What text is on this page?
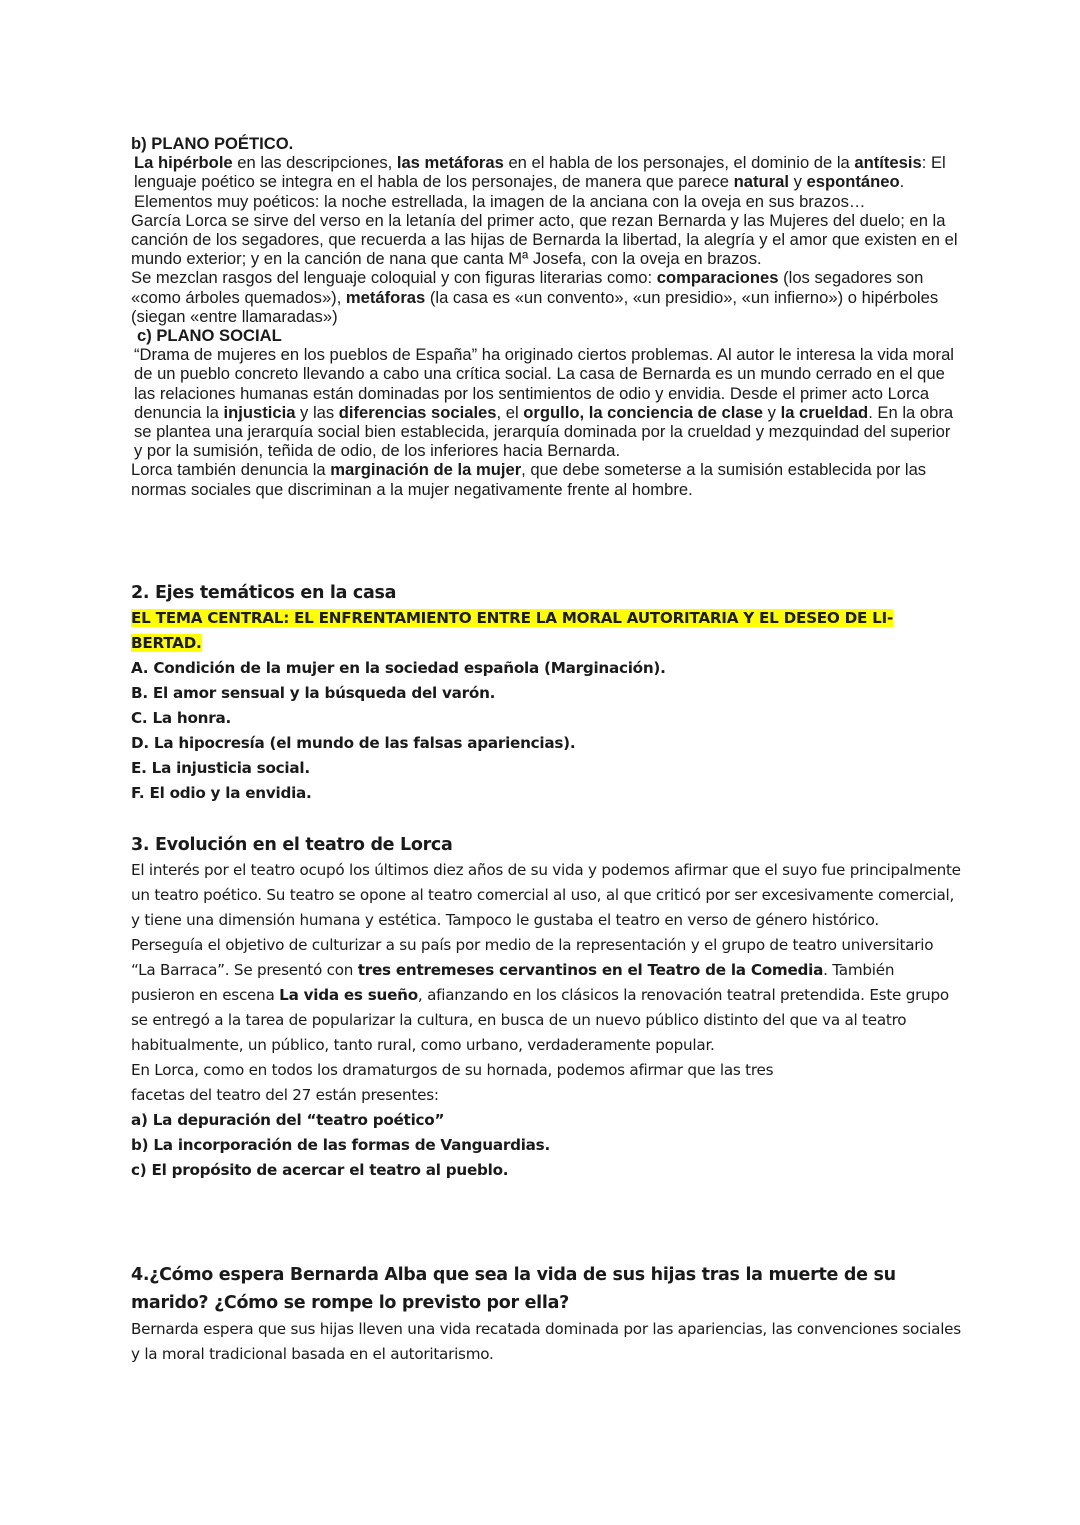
b) PLANO POÉTICO.

La hipérbole en las descripciones, las metáforas en el habla de los personajes, el dominio de la antítesis: El lenguaje poético se integra en el habla de los personajes, de manera que parece natural y espontáneo. Elementos muy poéticos: la noche estrellada, la imagen de la anciana con la oveja en sus brazos…

García Lorca se sirve del verso en la letanía del primer acto, que rezan Bernarda y las Mujeres del duelo; en la canción de los segadores, que recuerda a las hijas de Bernarda la libertad, la alegría y el amor que existen en el mundo exterior; y en la canción de nana que canta Mª Josefa, con la oveja en brazos.

Se mezclan rasgos del lenguaje coloquial y con figuras literarias como: comparaciones (los segadores son «como árboles quemados»), metáforas (la casa es «un convento», «un presidio», «un infierno») o hipérboles (siegan «entre llamaradas»)

c) PLANO SOCIAL

“Drama de mujeres en los pueblos de España” ha originado ciertos problemas. Al autor le interesa la vida moral de un pueblo concreto llevando a cabo una crítica social. La casa de Bernarda es un mundo cerrado en el que las relaciones humanas están dominadas por los sentimientos de odio y envidia. Desde el primer acto Lorca denuncia la injusticia y las diferencias sociales, el orgullo, la conciencia de clase y la crueldad. En la obra se plantea una jerarquía social bien establecida, jerarquía dominada por la crueldad y mezquindad del superior y por la sumisión, teñida de odio, de los inferiores hacia Bernarda.

Lorca también denuncia la marginación de la mujer, que debe someterse a la sumisión establecida por las normas sociales que discriminan a la mujer negativamente frente al hombre.

2. Ejes temáticos en la casa

EL TEMA CENTRAL: EL ENFRENTAMIENTO ENTRE LA MORAL AUTORITARIA Y EL DESEO DE LI-

BERTAD.

A. Condición de la mujer en la sociedad española (Marginación).

B. El amor sensual y la búsqueda del varón.

C. La honra.

D. La hipocresía (el mundo de las falsas apariencias).

E. La injusticia social.

F. El odio y la envidia.

3. Evolución en el teatro de Lorca

El interés por el teatro ocupó los últimos diez años de su vida y podemos afirmar que el suyo fue principalmente un teatro poético. Su teatro se opone al teatro comercial al uso, al que criticó por ser excesivamente comercial, y tiene una dimensión humana y estética. Tampoco le gustaba el teatro en verso de género histórico.

Perseguía el objetivo de culturizar a su país por medio de la representación y el grupo de teatro universitario “La Barraca”. Se presentó con tres entremeses cervantinos en el Teatro de la Comedia. También pusieron en escena La vida es sueño, afianzando en los clásicos la renovación teatral pretendida. Este grupo se entregó a la tarea de popularizar la cultura, en busca de un nuevo público distinto del que va al teatro habitualmente, un público, tanto rural, como urbano, verdaderamente popular.

En Lorca, como en todos los dramaturgos de su hornada, podemos afirmar que las tres

facetas del teatro del 27 están presentes:

a) La depuración del “teatro poético”

b) La incorporación de las formas de Vanguardias.

c) El propósito de acercar el teatro al pueblo.

4.¿Cómo espera Bernarda Alba que sea la vida de sus hijas tras la muerte de su marido? ¿Cómo se rompe lo previsto por ella?

Bernarda espera que sus hijas lleven una vida recatada dominada por las apariencias, las convenciones sociales y la moral tradicional basada en el autoritarismo.
